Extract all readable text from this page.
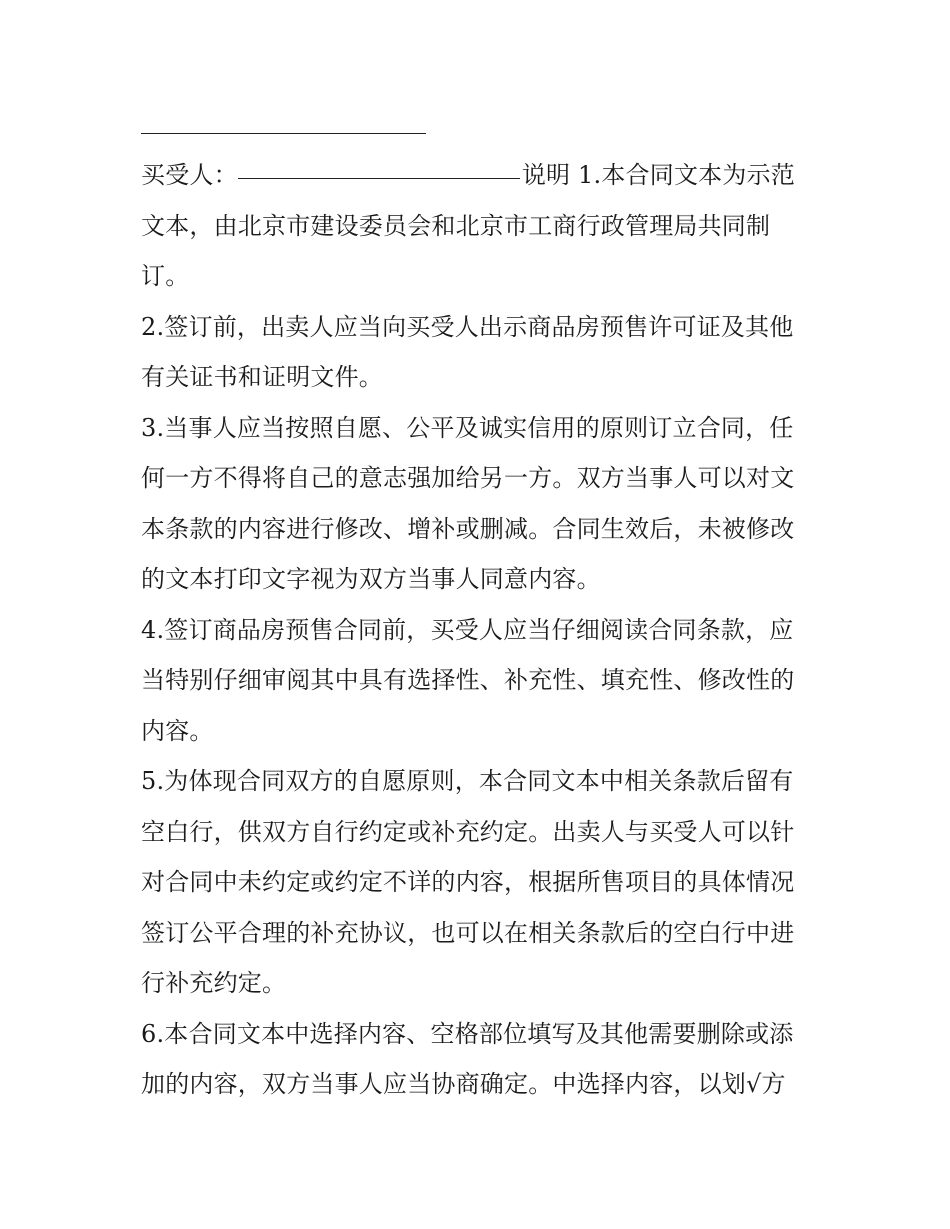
买受人：	说明 1.本合同文本为示范文本，由北京市建设委员会和北京市工商行政管理局共同制订。

2.签订前，出卖人应当向买受人出示商品房预售许可证及其他有关证书和证明文件。

3.当事人应当按照自愿、公平及诚实信用的原则订立合同，任何一方不得将自己的意志强加给另一方。双方当事人可以对文本条款的内容进行修改、增补或删减。合同生效后，未被修改的文本打印文字视为双方当事人同意内容。

4.签订商品房预售合同前，买受人应当仔细阅读合同条款，应当特别仔细审阅其中具有选择性、补充性、填充性、修改性的内容。

5.为体现合同双方的自愿原则，本合同文本中相关条款后留有空白行，供双方自行约定或补充约定。出卖人与买受人可以针对合同中未约定或约定不详的内容，根据所售项目的具体情况签订公平合理的补充协议，也可以在相关条款后的空白行中进行补充约定。

6.本合同文本中选择内容、空格部位填写及其他需要删除或添加的内容，双方当事人应当协商确定。中选择内容，以划√方
